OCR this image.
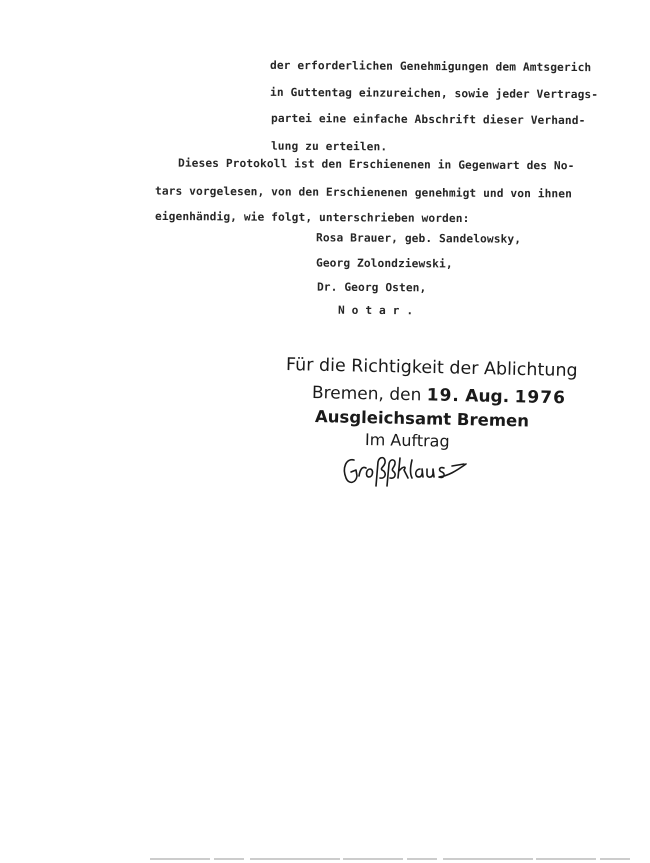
der erforderlichen Genehmigungen dem Amtsgerich
in Guttentag einzureichen, sowie jeder Vertrags-
partei eine einfache Abschrift dieser Verhand-
lung zu erteilen.
Dieses Protokoll ist den Erschienenen in Gegenwart des No-
tars vorgelesen, von den Erschienenen genehmigt und von ihnen
eigenhändig, wie folgt, unterschrieben worden:
Rosa Brauer, geb. Sandelowsky,
Georg Zolondziewski,
Dr. Georg Osten,
N o t a r .
Für die Richtigkeit der Ablichtung
Bremen, den 19. Aug. 1976
Ausgleichsamt Bremen
Im Auftrag
